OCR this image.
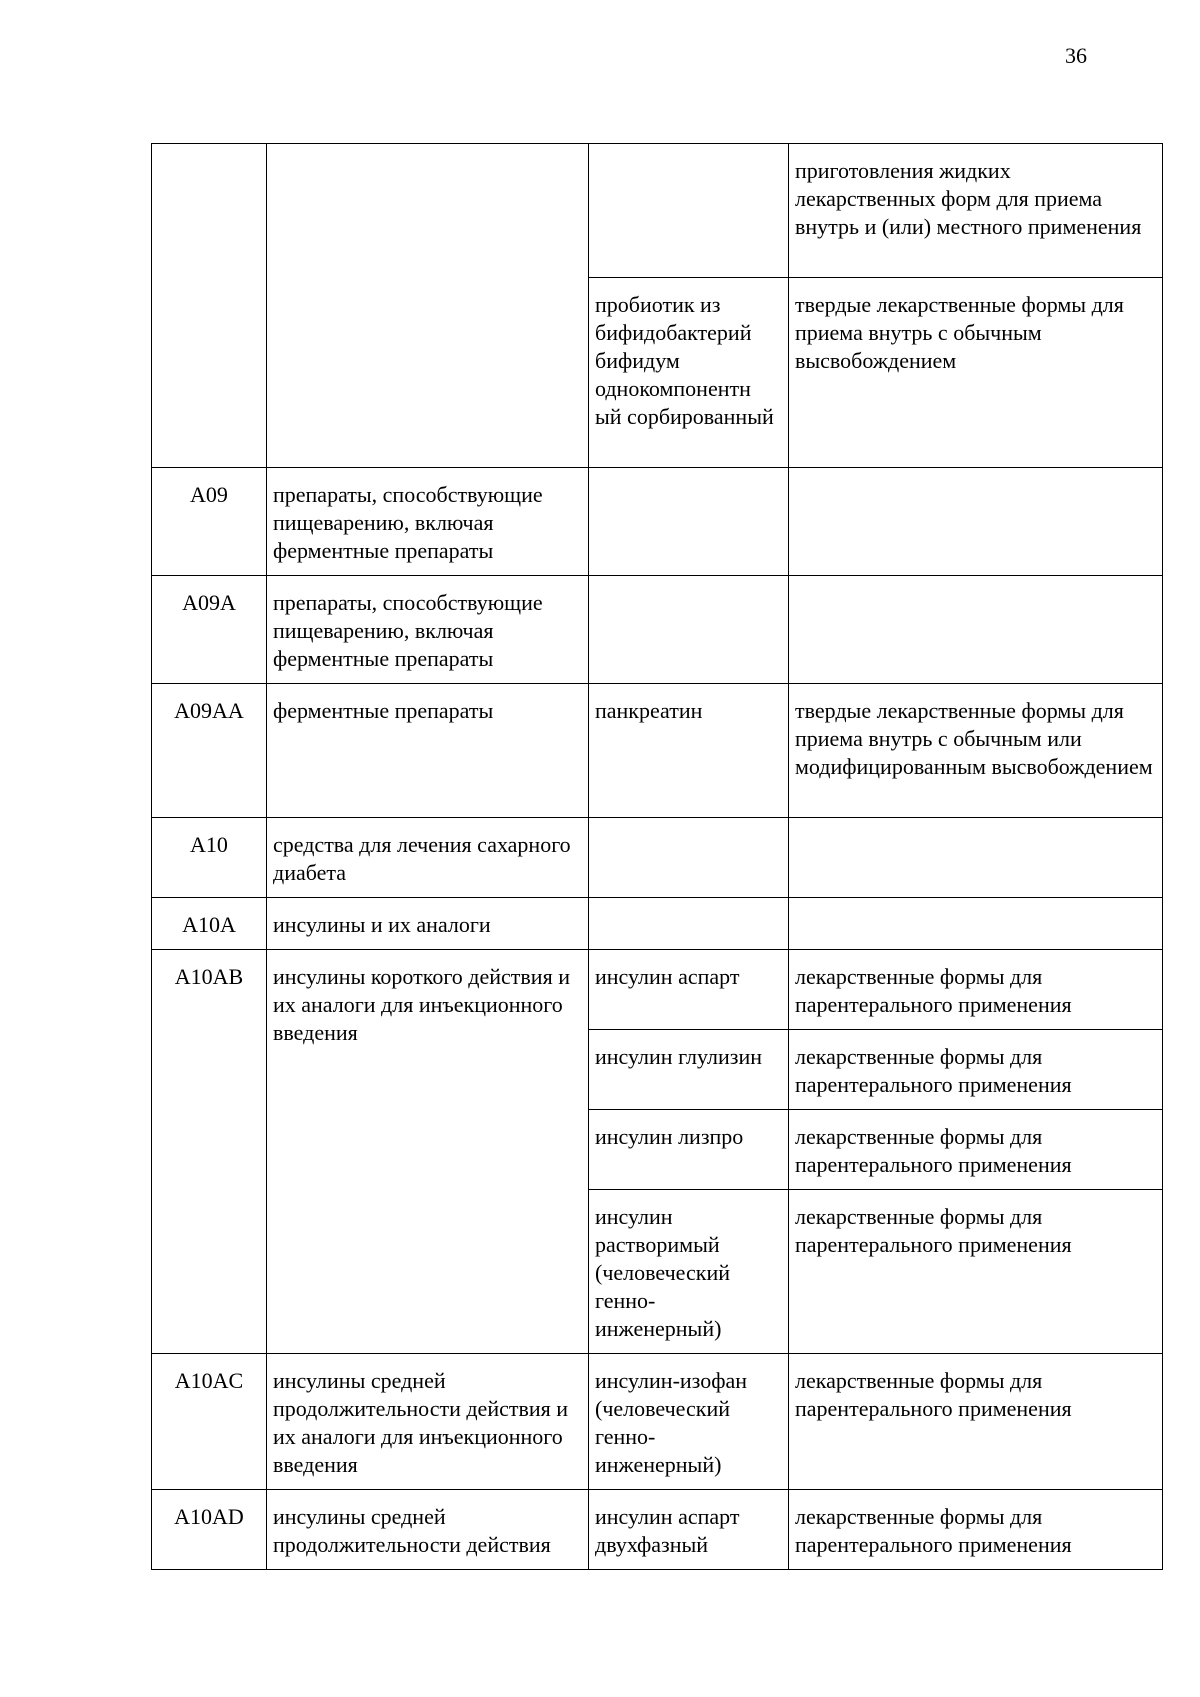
36
			приготовления жидких лекарственных форм для приема внутрь и (или) местного применения
		пробиотик из бифидобактерий бифидум однокомпонентн ый сорбированный	твердые лекарственные формы для приема внутрь с обычным высвобождением
A09	препараты, способствующие пищеварению, включая ферментные препараты		
A09A	препараты, способствующие пищеварению, включая ферментные препараты		
A09AA	ферментные препараты	панкреатин	твердые лекарственные формы для приема внутрь с обычным или модифицированным высвобождением
A10	средства для лечения сахарного диабета		
A10A	инсулины и их аналоги		
A10AB	инсулины короткого действия и их аналоги для инъекционного введения	инсулин аспарт	лекарственные формы для парентерального применения
		инсулин глулизин	лекарственные формы для парентерального применения
		инсулин лизпро	лекарственные формы для парентерального применения
		инсулин растворимый (человеческий генно- инженерный)	лекарственные формы для парентерального применения
A10AC	инсулины средней продолжительности действия и их аналоги для инъекционного введения	инсулин-изофан (человеческий генно- инженерный)	лекарственные формы для парентерального применения
A10AD	инсулины средней продолжительности действия	инсулин аспарт двухфазный	лекарственные формы для парентерального применения
